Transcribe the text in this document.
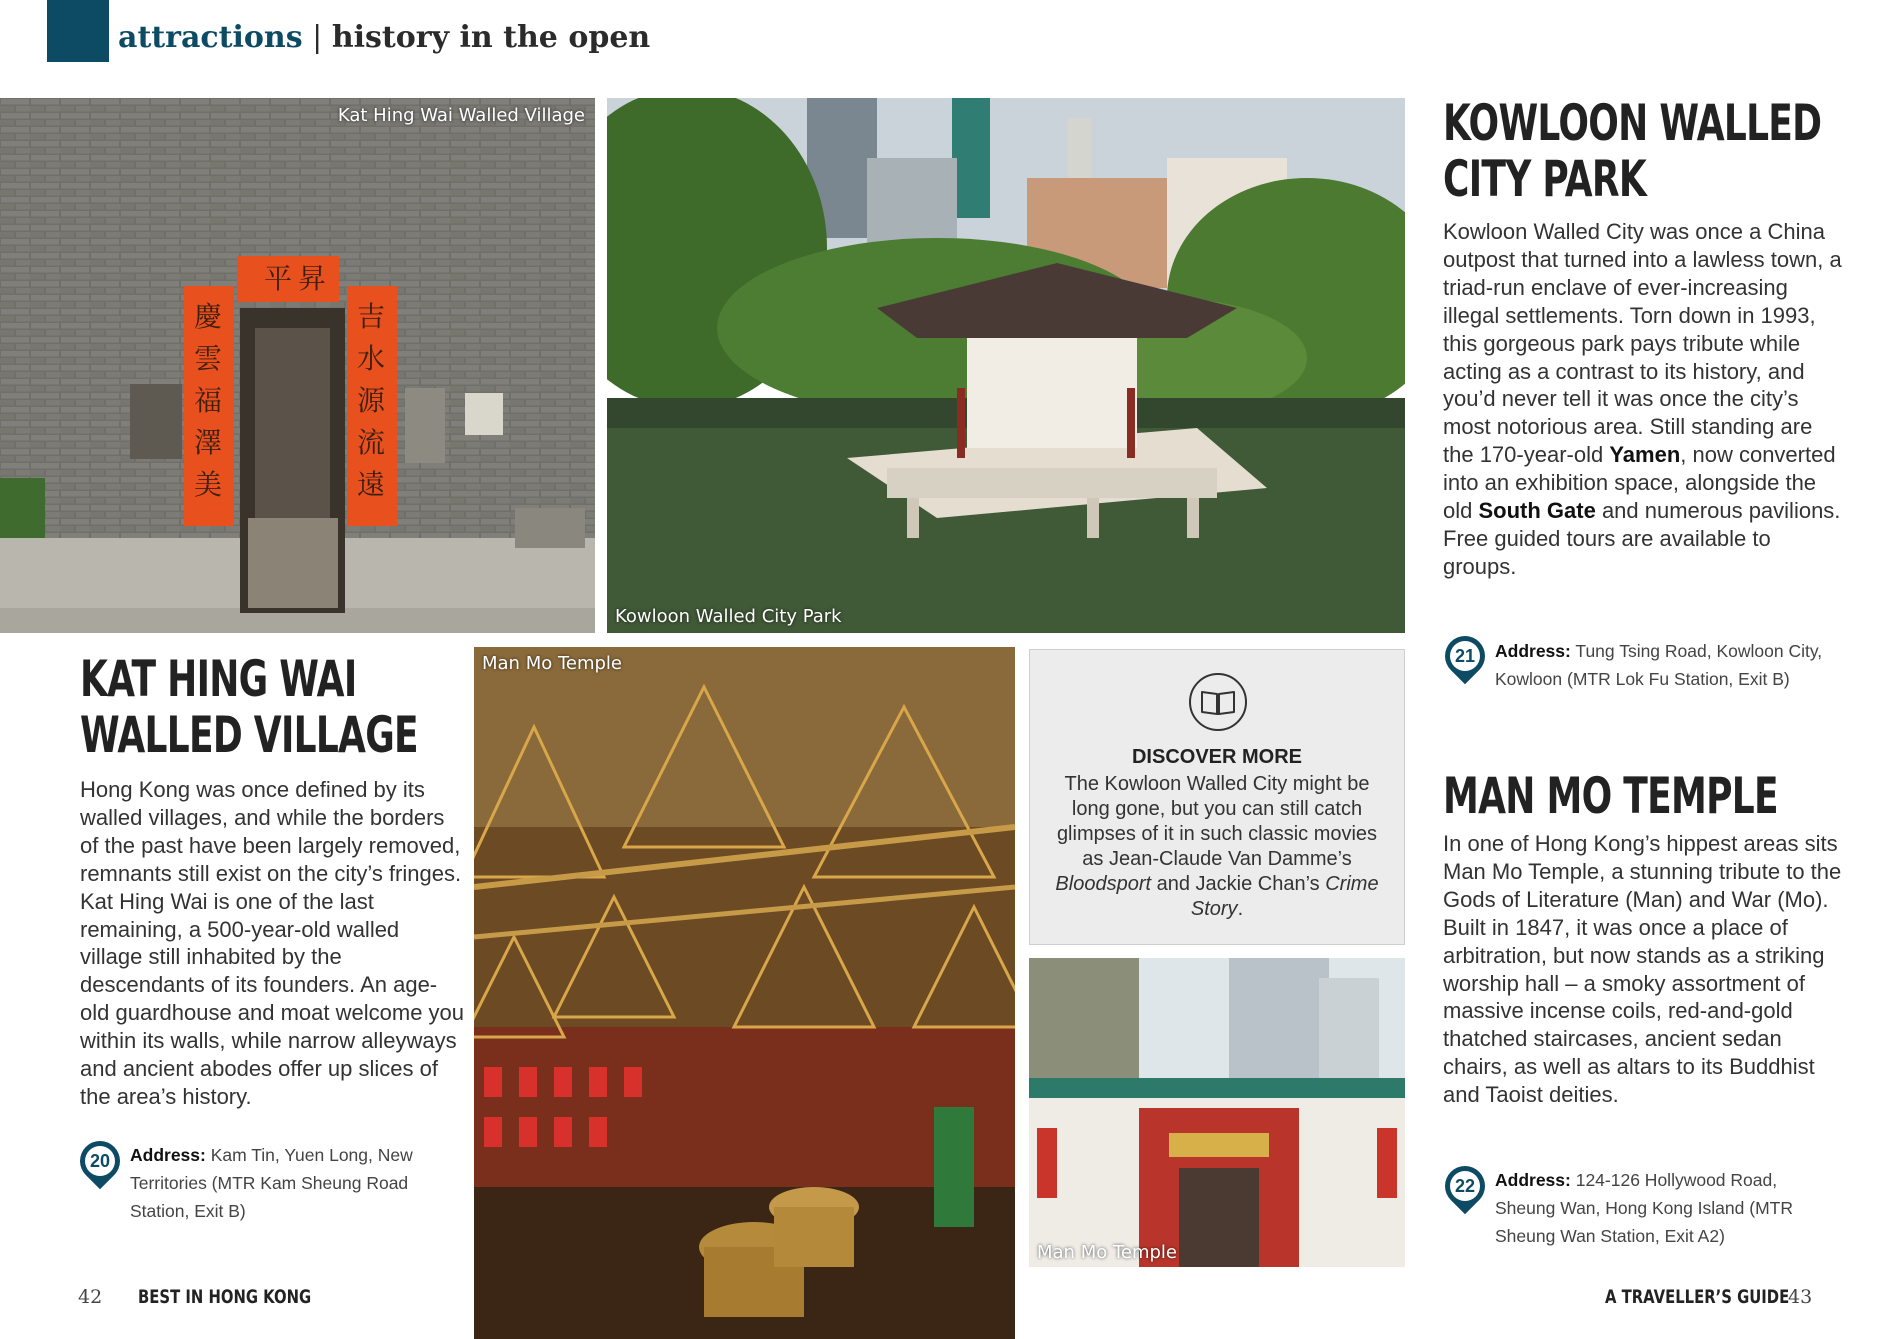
attractions | history in the open
平 昇
慶
雲
福
澤
美
吉
水
源
流
遠
Kat Hing Wai Walled Village
Kowloon Walled City Park
KOWLOON WALLED
CITY PARK
Kowloon Walled City was once a China outpost that turned into a lawless town, a triad-run enclave of ever-increasing illegal settlements. Torn down in 1993, this gorgeous park pays tribute while acting as a contrast to its history, and you’d never tell it was once the city’s most notorious area. Still standing are the 170-year-old Yamen, now converted into an exhibition space, alongside the old South Gate and numerous pavilions. Free guided tours are available to groups.
21 Address: Tung Tsing Road, Kowloon City, Kowloon (MTR Lok Fu Station, Exit B)
KAT HING WAI
WALLED VILLAGE
Hong Kong was once defined by its walled villages, and while the borders of the past have been largely removed, remnants still exist on the city’s fringes. Kat Hing Wai is one of the last remaining, a 500-year-old walled village still inhabited by the descendants of its founders. An age-old guardhouse and moat welcome you within its walls, while narrow alleyways and ancient abodes offer up slices of the area’s history.
20 Address: Kam Tin, Yuen Long, New Territories (MTR Kam Sheung Road Station, Exit B)
Man Mo Temple
DISCOVER MORE
The Kowloon Walled City might be long gone, but you can still catch glimpses of it in such classic movies as Jean-Claude Van Damme’s Bloodsport and Jackie Chan’s Crime Story.
Man Mo Temple
MAN MO TEMPLE
In one of Hong Kong’s hippest areas sits Man Mo Temple, a stunning tribute to the Gods of Literature (Man) and War (Mo). Built in 1847, it was once a place of arbitration, but now stands as a striking worship hall – a smoky assortment of massive incense coils, red-and-gold thatched staircases, ancient sedan chairs, as well as altars to its Buddhist and Taoist deities.
22 Address: 124-126 Hollywood Road, Sheung Wan, Hong Kong Island (MTR Sheung Wan Station, Exit A2)
42 BEST IN HONG KONG	A TRAVELLER’S GUIDE
43
